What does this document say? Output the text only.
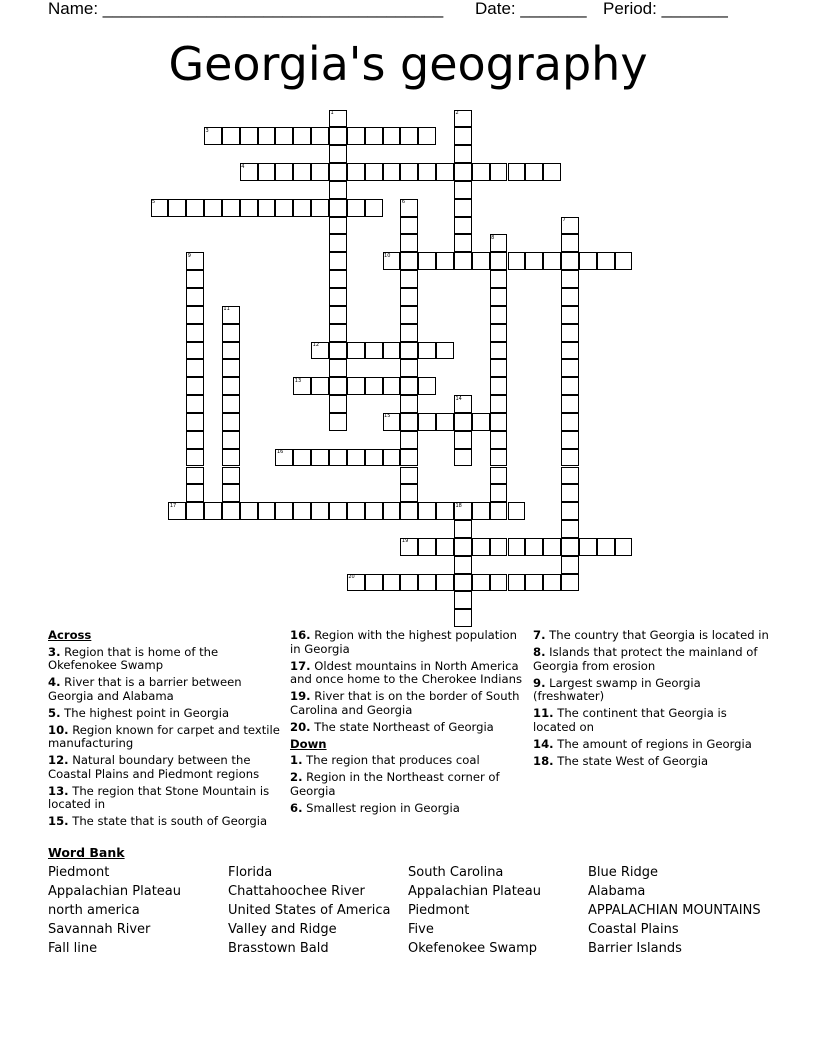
Name: ____________________________________

Date: _______

Period: _______

Georgia's geography
1	2
3
4
5	6
7
8
9	10
11
12
13
14
15
16
17	18
19
20
Across
3. Region that is home of the Okefenokee Swamp
4. River that is a barrier between Georgia and Alabama
5. The highest point in Georgia
10. Region known for carpet and textile manufacturing
12. Natural boundary between the Coastal Plains and Piedmont regions
13. The region that Stone Mountain is located in
15. The state that is south of Georgia
16. Region with the highest population in Georgia
17. Oldest mountains in North America and once home to the Cherokee Indians
19. River that is on the border of South Carolina and Georgia
20. The state Northeast of Georgia
Down
1. The region that produces coal
2. Region in the Northeast corner of Georgia
6. Smallest region in Georgia
7. The country that Georgia is located in
8. Islands that protect the mainland of Georgia from erosion
9. Largest swamp in Georgia (freshwater)
11. The continent that Georgia is located on
14. The amount of regions in Georgia
18. The state West of Georgia
Word Bank
Piedmont
Appalachian Plateau
north america
Savannah River
Fall line
Florida
Chattahoochee River
United States of America
Valley and Ridge
Brasstown Bald
South Carolina
Appalachian Plateau
Piedmont
Five
Okefenokee Swamp
Blue Ridge
Alabama
APPALACHIAN MOUNTAINS
Coastal Plains
Barrier Islands
